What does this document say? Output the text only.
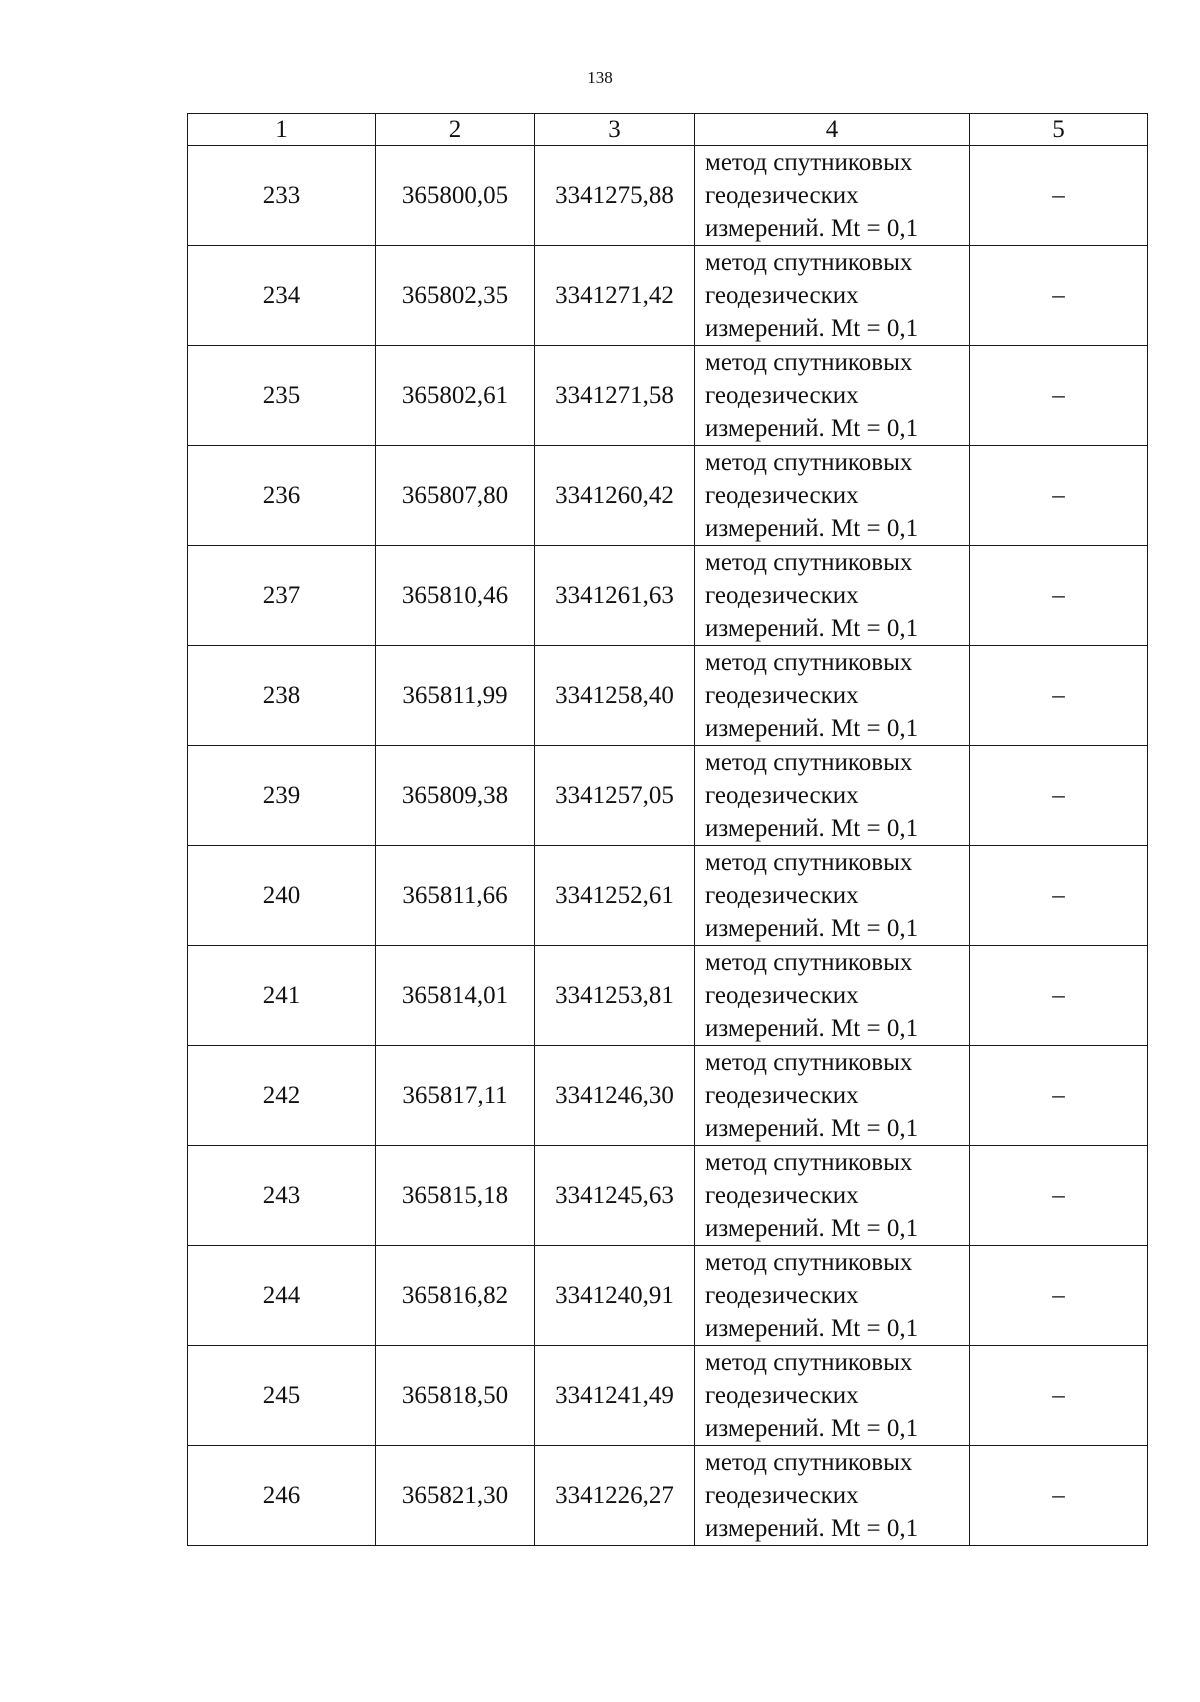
138
1	2	3	4	5
233	365800,05	3341275,88	метод спутниковых
геодезических
измерений. Mt = 0,1	–
234	365802,35	3341271,42	метод спутниковых
геодезических
измерений. Mt = 0,1	–
235	365802,61	3341271,58	метод спутниковых
геодезических
измерений. Mt = 0,1	–
236	365807,80	3341260,42	метод спутниковых
геодезических
измерений. Mt = 0,1	–
237	365810,46	3341261,63	метод спутниковых
геодезических
измерений. Mt = 0,1	–
238	365811,99	3341258,40	метод спутниковых
геодезических
измерений. Mt = 0,1	–
239	365809,38	3341257,05	метод спутниковых
геодезических
измерений. Mt = 0,1	–
240	365811,66	3341252,61	метод спутниковых
геодезических
измерений. Mt = 0,1	–
241	365814,01	3341253,81	метод спутниковых
геодезических
измерений. Mt = 0,1	–
242	365817,11	3341246,30	метод спутниковых
геодезических
измерений. Mt = 0,1	–
243	365815,18	3341245,63	метод спутниковых
геодезических
измерений. Mt = 0,1	–
244	365816,82	3341240,91	метод спутниковых
геодезических
измерений. Mt = 0,1	–
245	365818,50	3341241,49	метод спутниковых
геодезических
измерений. Mt = 0,1	–
246	365821,30	3341226,27	метод спутниковых
геодезических
измерений. Mt = 0,1	–
